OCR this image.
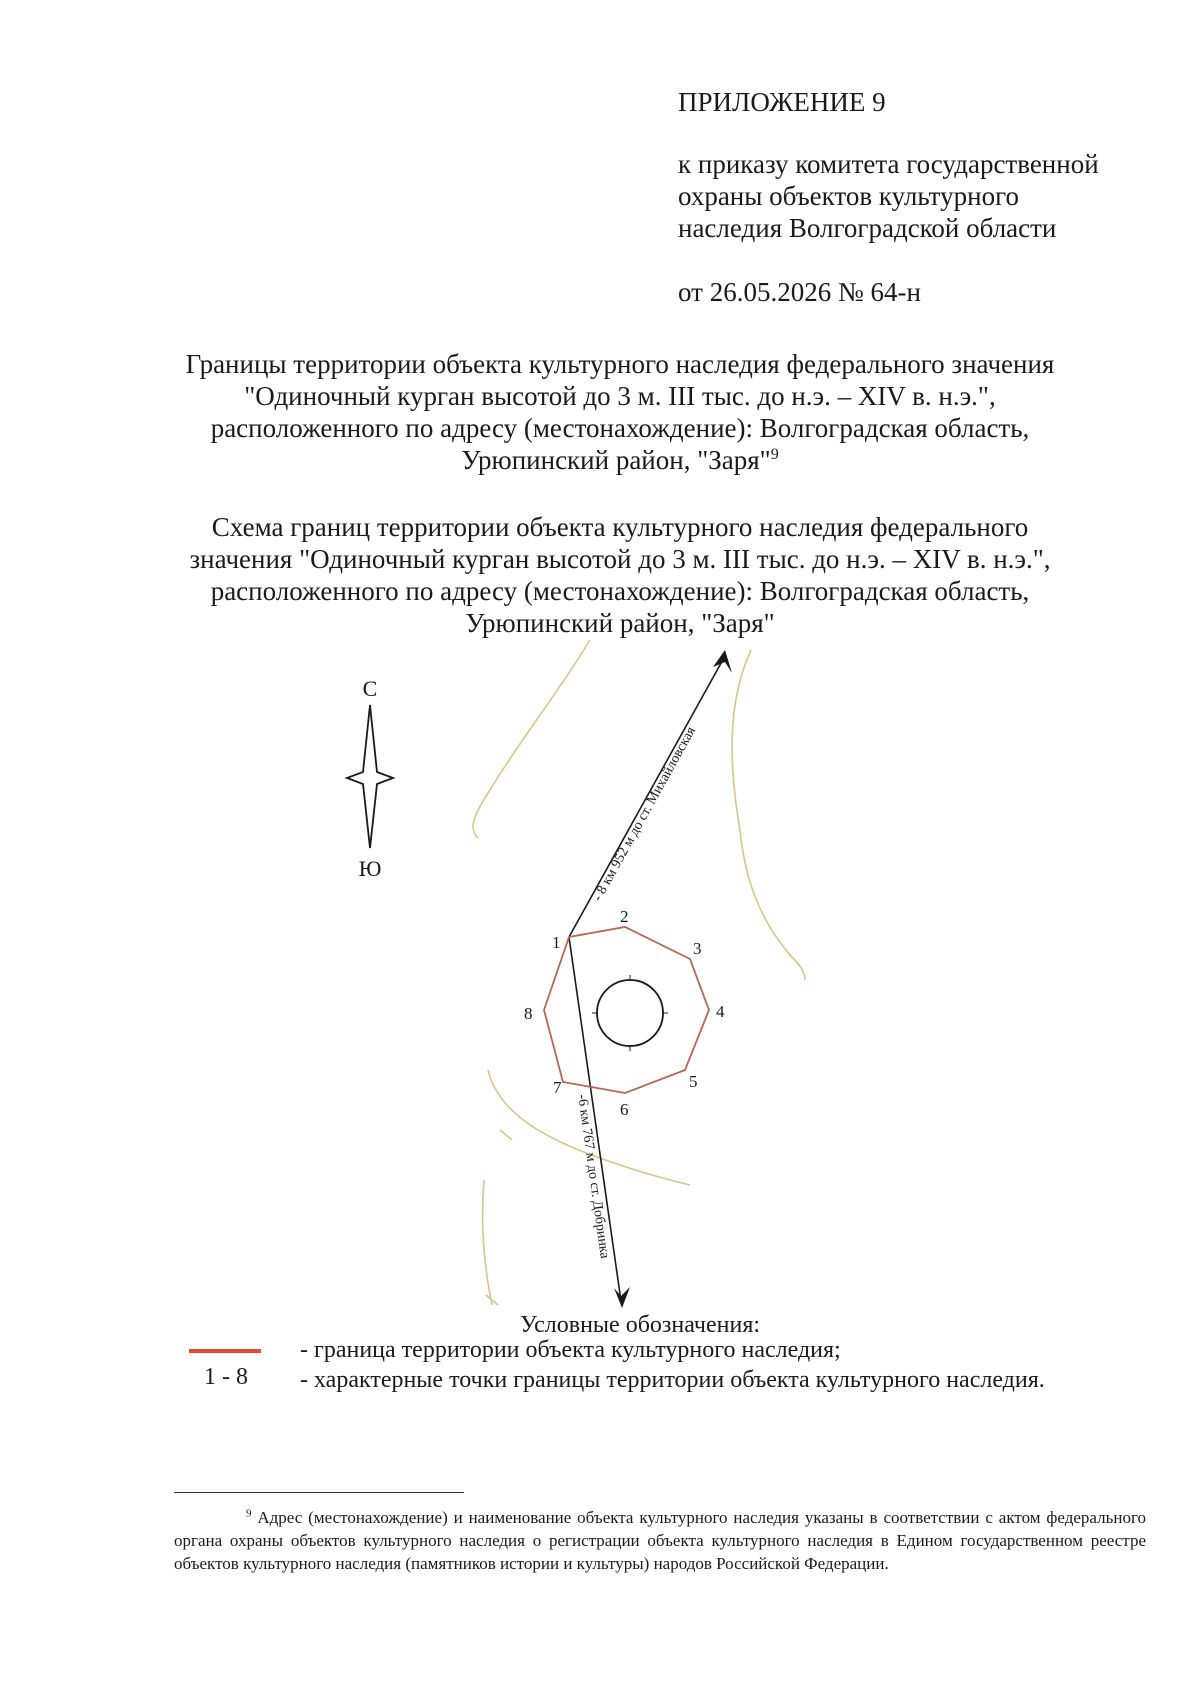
ПРИЛОЖЕНИЕ 9
к приказу комитета государственной
охраны объектов культурного
наследия Волгоградской области
от 26.05.2026 № 64-н
Границы территории объекта культурного наследия федерального значения
"Одиночный курган высотой до 3 м. III тыс. до н.э. – XIV в. н.э.",
расположенного по адресу (местонахождение): Волгоградская область,
Урюпинский район, "Заря"$^9$
Схема границ территории объекта культурного наследия федерального
значения "Одиночный курган высотой до 3 м. III тыс. до н.э. – XIV в. н.э.",
расположенного по адресу (местонахождение): Волгоградская область,
Урюпинский район, "Заря"
- 8 км 952 м до ст. Михайловская
-6 км 767 м до ст. Добринка
1
2
3
4
5
6
7
8
С
Ю
Условные обозначения:
1 - 8
- граница территории объекта культурного наследия;
- характерные точки границы территории объекта культурного наследия.
$^9$ Адрес (местонахождение) и наименование объекта культурного наследия указаны в соответствии с актом федерального органа охраны объектов культурного наследия о регистрации объекта культурного наследия в Едином государственном реестре объектов культурного наследия (памятников истории и культуры) народов Российской Федерации.
